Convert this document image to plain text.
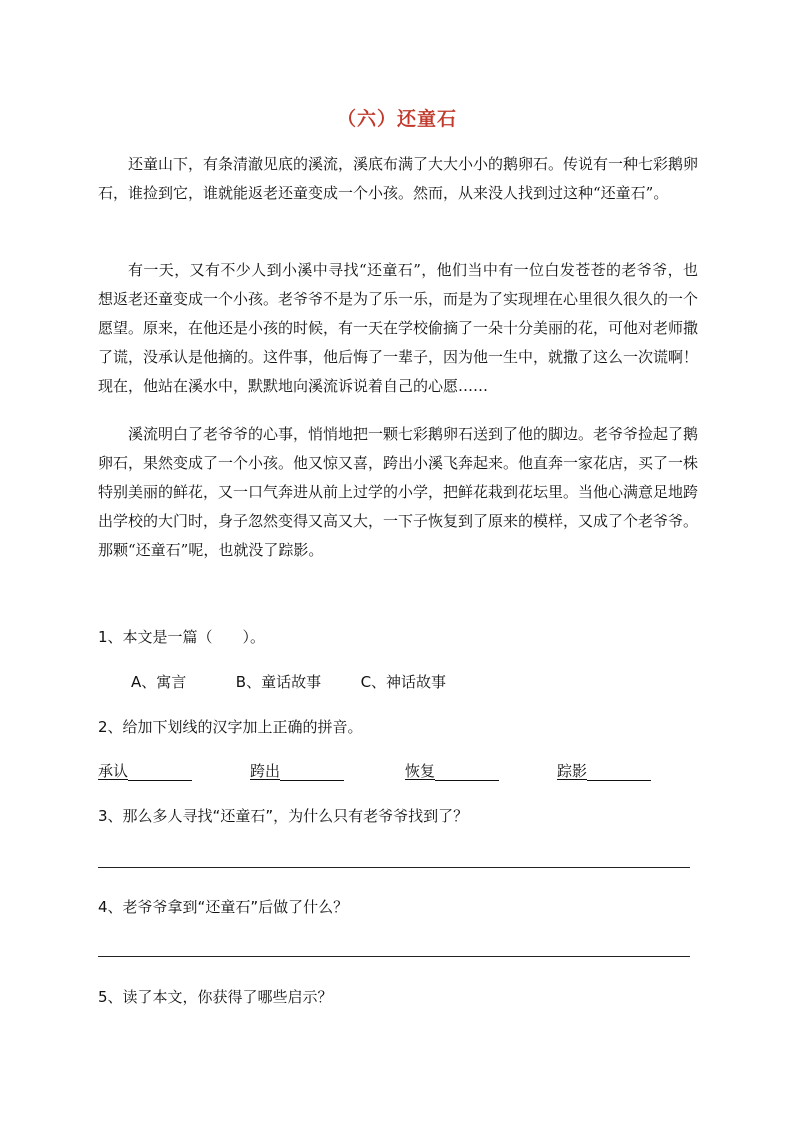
（六）还童石

还童山下，有条清澈见底的溪流，溪底布满了大大小小的鹅卵石。传说有一种七彩鹅卵石，谁捡到它，谁就能返老还童变成一个小孩。然而，从来没人找到过这种“还童石”。

有一天，又有不少人到小溪中寻找“还童石”，他们当中有一位白发苍苍的老爷爷，也想返老还童变成一个小孩。老爷爷不是为了乐一乐，而是为了实现埋在心里很久很久的一个愿望。原来，在他还是小孩的时候，有一天在学校偷摘了一朵十分美丽的花，可他对老师撒了谎，没承认是他摘的。这件事，他后悔了一辈子，因为他一生中，就撒了这么一次谎啊！现在，他站在溪水中，默默地向溪流诉说着自己的心愿……

溪流明白了老爷爷的心事，悄悄地把一颗七彩鹅卵石送到了他的脚边。老爷爷捡起了鹅卵石，果然变成了一个小孩。他又惊又喜，跨出小溪飞奔起来。他直奔一家花店，买了一株特别美丽的鲜花，又一口气奔进从前上过学的小学，把鲜花栽到花坛里。当他心满意足地跨出学校的大门时，身子忽然变得又高又大，一下子恢复到了原来的模样，又成了个老爷爷。那颗“还童石”呢，也就没了踪影。

1、本文是一篇（　　）。

A、寓言	B、童话故事	C、神话故事

2、给加下划线的汉字加上正确的拼音。

承认	跨出	恢复	踪影

3、那么多人寻找“还童石”，为什么只有老爷爷找到了？

4、老爷爷拿到“还童石”后做了什么？

5、读了本文，你获得了哪些启示？
